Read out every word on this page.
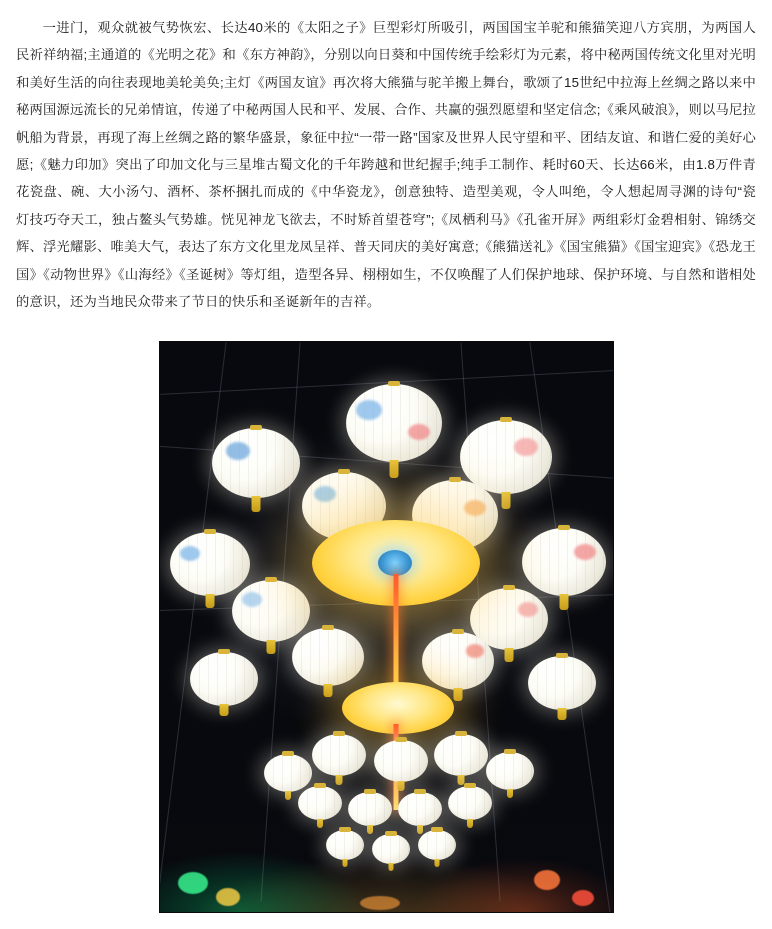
一进门，观众就被气势恢宏、长达40米的《太阳之子》巨型彩灯所吸引，两国国宝羊驼和熊猫笑迎八方宾朋，为两国人民祈祥纳福;主通道的《光明之花》和《东方神韵》，分别以向日葵和中国传统手绘彩灯为元素，将中秘两国传统文化里对光明和美好生活的向往表现地美轮美奂;主灯《两国友谊》再次将大熊猫与驼羊搬上舞台，歌颂了15世纪中拉海上丝绸之路以来中秘两国源远流长的兄弟情谊，传递了中秘两国人民和平、发展、合作、共赢的强烈愿望和坚定信念;《乘风破浪》，则以马尼拉帆船为背景，再现了海上丝绸之路的繁华盛景，象征中拉“一带一路”国家及世界人民守望和平、团结友谊、和谐仁爱的美好心愿;《魅力印加》突出了印加文化与三星堆古蜀文化的千年跨越和世纪握手;纯手工制作、耗时60天、长达66米，由1.8万件青花瓷盘、碗、大小汤勺、酒杯、茶杯捆扎而成的《中华瓷龙》，创意独特、造型美观，令人叫绝，令人想起周寻渊的诗句“瓷灯技巧夺天工，独占鳌头气势雄。恍见神龙飞欲去，不时矫首望苍穹”;《凤栖利马》《孔雀开屏》两组彩灯金碧相射、锦绣交辉、浮光耀影、唯美大气，表达了东方文化里龙凤呈祥、普天同庆的美好寓意;《熊猫送礼》《国宝熊猫》《国宝迎宾》《恐龙王国》《动物世界》《山海经》《圣诞树》等灯组，造型各异、栩栩如生，不仅唤醒了人们保护地球、保护环境、与自然和谐相处的意识，还为当地民众带来了节日的快乐和圣诞新年的吉祥。
